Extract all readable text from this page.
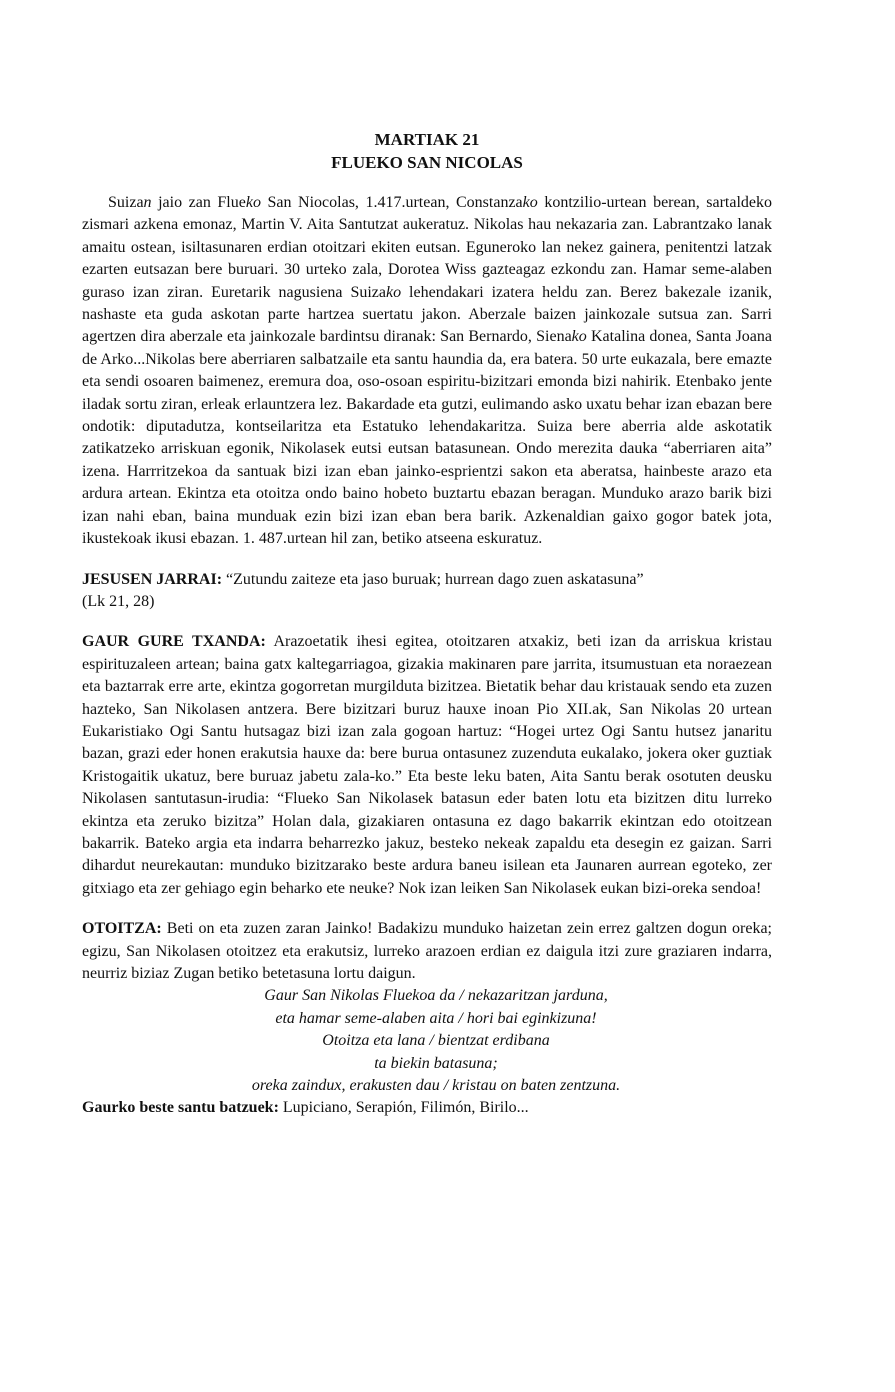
MARTIAK 21
FLUEKO SAN NICOLAS

Suizan jaio zan Flueko San Niocolas, 1.417.urtean, Constanzako kontzilio-urtean berean, sartaldeko zismari azkena emonaz, Martin V. Aita Santutzat aukeratuz. Nikolas hau nekazaria zan. Labrantzako lanak amaitu ostean, isiltasunaren erdian otoitzari ekiten eutsan. Eguneroko lan nekez gainera, penitentzi latzak ezarten eutsazan bere buruari. 30 urteko zala, Dorotea Wiss gazteagaz ezkondu zan. Hamar seme-alaben guraso izan ziran. Euretarik nagusiena Suizako lehendakari izatera heldu zan. Berez bakezale izanik, nashaste eta guda askotan parte hartzea suertatu jakon. Aberzale baizen jainkozale sutsua zan. Sarri agertzen dira aberzale eta jainkozale bardintsu diranak: San Bernardo, Sienako Katalina donea, Santa Joana de Arko...Nikolas bere aberriaren salbatzaile eta santu haundia da, era batera. 50 urte eukazala, bere emazte eta sendi osoaren baimenez, eremura doa, oso-osoan espiritu-bizitzari emonda bizi nahirik. Etenbako jente iladak sortu ziran, erleak erlauntzera lez. Bakardade eta gutzi, eulimando asko uxatu behar izan ebazan bere ondotik: diputadutza, kontseilaritza eta Estatuko lehendakaritza. Suiza bere aberria alde askotatik zatikatzeko arriskuan egonik, Nikolasek eutsi eutsan batasunean. Ondo merezita dauka “aberriaren aita” izena. Harrritzekoa da santuak bizi izan eban jainko-esprientzi sakon eta aberatsa, hainbeste arazo eta ardura artean. Ekintza eta otoitza ondo baino hobeto buztartu ebazan beragan. Munduko arazo barik bizi izan nahi eban, baina munduak ezin bizi izan eban bera barik. Azkenaldian gaixo gogor batek jota, ikustekoak ikusi ebazan. 1. 487.urtean hil zan, betiko atseena eskuratuz.

JESUSEN JARRAI: “Zutundu zaiteze eta jaso buruak; hurrean dago zuen askatasuna”

(Lk 21, 28)

GAUR GURE TXANDA: Arazoetatik ihesi egitea, otoitzaren atxakiz, beti izan da arriskua kristau espirituzaleen artean; baina gatx kaltegarriagoa, gizakia makinaren pare jarrita, itsumustuan eta noraezean eta baztarrak erre arte, ekintza gogorretan murgilduta bizitzea. Bietatik behar dau kristauak sendo eta zuzen hazteko, San Nikolasen antzera. Bere bizitzari buruz hauxe inoan Pio XII.ak, San Nikolas 20 urtean Eukaristiako Ogi Santu hutsagaz bizi izan zala gogoan hartuz: “Hogei urtez Ogi Santu hutsez janaritu bazan, grazi eder honen erakutsia hauxe da: bere burua ontasunez zuzenduta eukalako, jokera oker guztiak Kristogaitik ukatuz, bere buruaz jabetu zala-ko.” Eta beste leku baten, Aita Santu berak osotuten deusku Nikolasen santutasun-irudia: “Flueko San Nikolasek batasun eder baten lotu eta bizitzen ditu lurreko ekintza eta zeruko bizitza” Holan dala, gizakiaren ontasuna ez dago bakarrik ekintzan edo otoitzean bakarrik. Bateko argia eta indarra beharrezko jakuz, besteko nekeak zapaldu eta desegin ez gaizan. Sarri dihardut neurekautan: munduko bizitzarako beste ardura baneu isilean eta Jaunaren aurrean egoteko, zer gitxiago eta zer gehiago egin beharko ete neuke? Nok izan leiken San Nikolasek eukan bizi-oreka sendoa!

OTOITZA: Beti on eta zuzen zaran Jainko! Badakizu munduko haizetan zein errez galtzen dogun oreka; egizu, San Nikolasen otoitzez eta erakutsiz, lurreko arazoen erdian ez daigula itzi zure graziaren indarra, neurriz biziaz Zugan betiko betetasuna lortu daigun.

Gaur San Nikolas Fluekoa da / nekazaritzan jarduna,
eta hamar seme-alaben aita / hori bai eginkizuna!
Otoitza eta lana / bientzat erdibana
ta biekin batasuna;
oreka zaindux, erakusten dau / kristau on baten zentzuna.
Gaurko beste santu batzuek: Lupiciano, Serapión, Filimón, Birilo...
